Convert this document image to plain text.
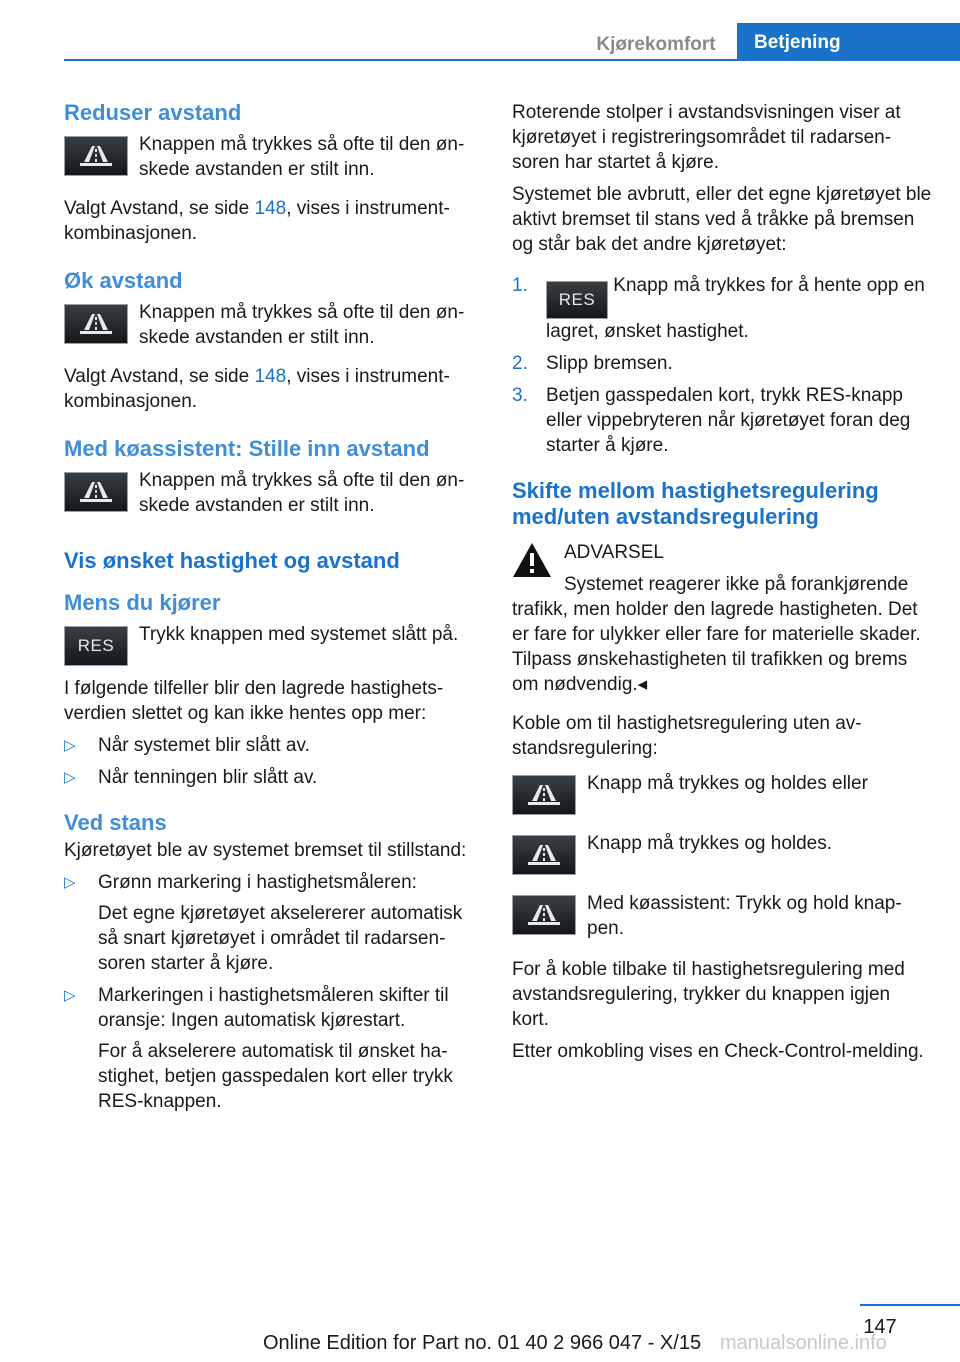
Kjørekomfort	Betjening
Reduser avstand
Knappen må trykkes så ofte til den ønskede avstanden er stilt inn.

Valgt Avstand, se side 148, vises i instrumentkombinasjonen.

Øk avstand
Knappen må trykkes så ofte til den ønskede avstanden er stilt inn.

Valgt Avstand, se side 148, vises i instrumentkombinasjonen.

Med køassistent: Stille inn avstand
Knappen må trykkes så ofte til den ønskede avstanden er stilt inn.
Vis ønsket hastighet og avstand
Mens du kjører
RES
Trykk knappen med systemet slått på.

I følgende tilfeller blir den lagrede hastighetsverdien slettet og kan ikke hentes opp mer:

▷ Når systemet blir slått av.
▷ Når tenningen blir slått av.
Ved stans

Kjøretøyet ble av systemet bremset til stillstand:

▷ Grønn markering i hastighetsmåleren:
Det egne kjøretøyet akselererer automatisk så snart kjøretøyet i området til radarsensoren starter å kjøre.
▷ Markeringen i hastighetsmåleren skifter til oransje: Ingen automatisk kjørestart.
For å akselerere automatisk til ønsket hastighet, betjen gasspedalen kort eller trykk RES-knappen.

Roterende stolper i avstandsvisningen viser at kjøretøyet i registreringsområdet til radarsensoren har startet å kjøre.

Systemet ble avbrutt, eller det egne kjøretøyet ble aktivt bremset til stans ved å tråkke på bremsen og står bak det andre kjøretøyet:

1.
RES Knapp må trykkes for å hente opp en lagret, ønsket hastighet.
2. Slipp bremsen.
3. Betjen gasspedalen kort, trykk RES-knapp eller vippebryteren når kjøretøyet foran deg starter å kjøre.
Skifte mellom hastighetsregulering med/uten avstandsregulering
ADVARSEL
Systemet reagerer ikke på forankjørende

trafikk, men holder den lagrede hastigheten. Det er fare for ulykker eller fare for materielle skader. Tilpass ønskehastigheten til trafikken og brems om nødvendig.◂

Koble om til hastighetsregulering uten avstandsregulering:

Knapp må trykkes og holdes eller
Knapp må trykkes og holdes.
Med køassistent: Trykk og hold knappen.

For å koble tilbake til hastighetsregulering med avstandsregulering, trykker du knappen igjen kort.

Etter omkobling vises en Check-Control-melding.

147
Online Edition for Part no. 01 40 2 966 047 - X/15 manualsonline.info
